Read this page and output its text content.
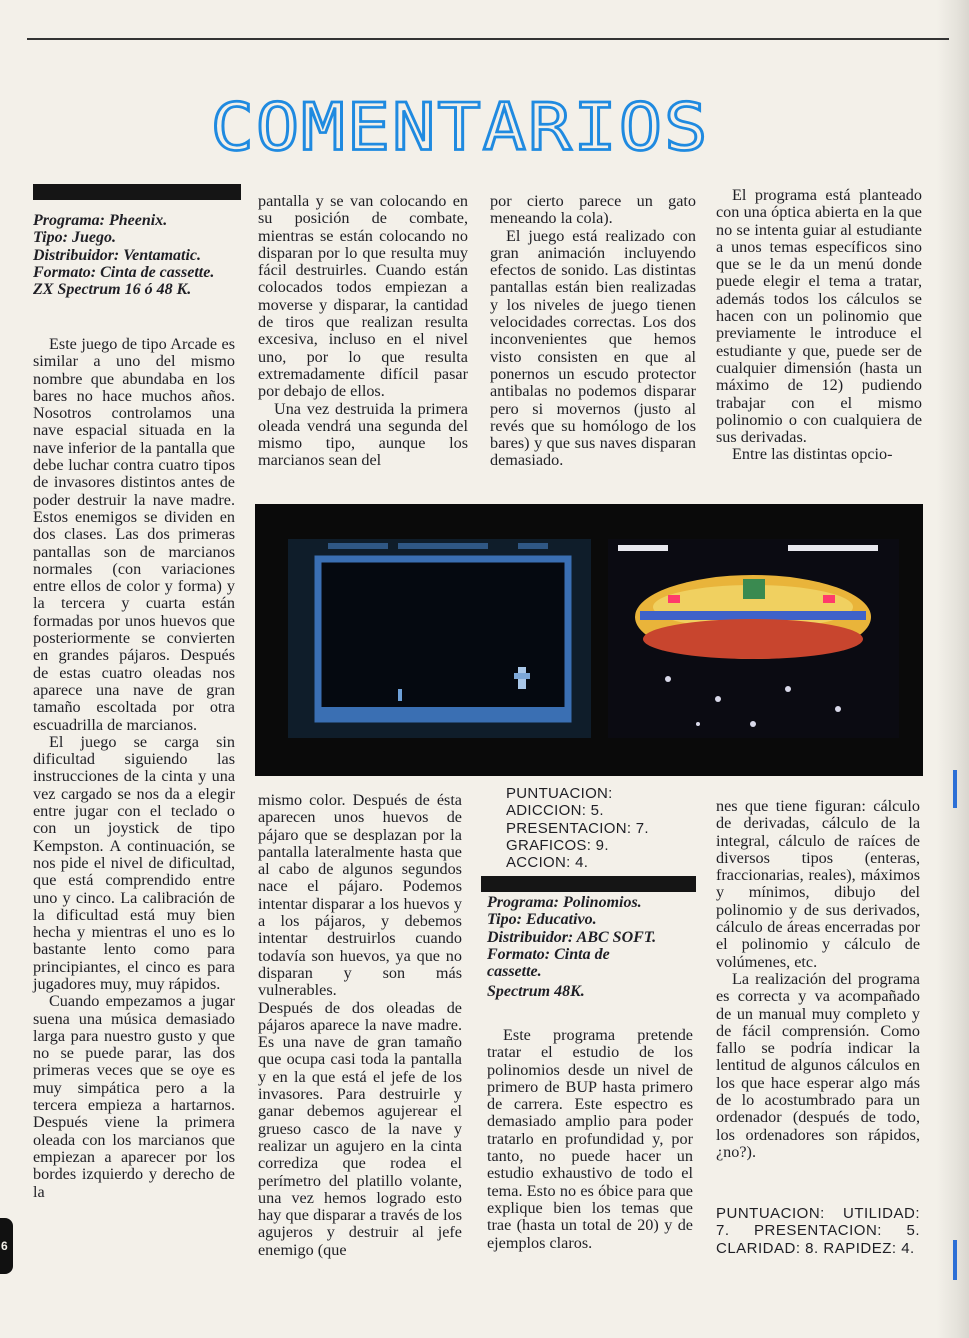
6
COMENTARIOS
Programa: Pheenix.
Tipo: Juego.
Distribuidor: Ventamatic.
Formato: Cinta de cassette.
ZX Spectrum 16 ó 48 K.

Este juego de tipo Arcade es similar a uno del mismo nombre que abundaba en los bares no hace muchos años. Nosotros controlamos una nave espacial situada en la nave inferior de la pantalla que debe luchar contra cuatro tipos de invasores distintos antes de poder destruir la nave madre. Estos enemigos se dividen en dos clases. Las dos primeras pantallas son de marcianos normales (con variaciones entre ellos de color y forma) y la tercera y cuarta están formadas por unos huevos que posteriormente se convierten en grandes pájaros. Después de estas cuatro oleadas nos aparece una nave de gran tamaño escoltada por otra escuadrilla de marcianos.

El juego se carga sin dificultad siguiendo las instrucciones de la cinta y una vez cargado se nos da a elegir entre jugar con el teclado o con un joystick de tipo Kempston. A continuación, se nos pide el nivel de dificultad, que está comprendido entre uno y cinco. La calibración de la dificultad está muy bien hecha y mientras el uno es lo bastante lento como para principiantes, el cinco es para jugadores muy, muy rápidos.

Cuando empezamos a jugar suena una música demasiado larga para nuestro gusto y que no se puede parar, las dos primeras veces que se oye es muy simpática pero a la tercera empieza a hartarnos. Después viene la primera oleada con los marcianos que empiezan a aparecer por los bordes izquierdo y derecho de la

pantalla y se van colocando en su posición de combate, mientras se están colocando no disparan por lo que resulta muy fácil destruirles. Cuando están colocados todos empiezan a moverse y disparar, la cantidad de tiros que realizan resulta excesiva, incluso en el nivel uno, por lo que resulta extremadamente difícil pasar por debajo de ellos.

Una vez destruida la primera oleada vendrá una segunda del mismo tipo, aunque los marcianos sean del

por cierto parece un gato meneando la cola).

El juego está realizado con gran animación incluyendo efectos de sonido. Las distintas pantallas están bien realizadas y los niveles de juego tienen velocidades correctas. Los dos inconvenientes que hemos visto consisten en que al ponernos un escudo protector antibalas no podemos disparar pero si movernos (justo al revés que su homólogo de los bares) y que sus naves disparan demasiado.

El programa está planteado con una óptica abierta en la que no se intenta guiar al estudiante a unos temas específicos sino que se le da un menú donde puede elegir el tema a tratar, además todos los cálculos se hacen con un polinomio que previamente le introduce el estudiante y que, puede ser de cualquier dimensión (hasta un máximo de 12) pudiendo trabajar con el mismo polinomio o con cualquiera de sus derivadas.

Entre las distintas opcio-

mismo color. Después de ésta aparecen unos huevos de pájaro que se desplazan por la pantalla lateralmente hasta que al cabo de algunos segundos nace el pájaro. Podemos intentar disparar a los huevos y a los pájaros, y debemos intentar destruirlos cuando todavía son huevos, ya que no disparan y son más vulnerables.

Después de dos oleadas de pájaros aparece la nave madre. Es una nave de gran tamaño que ocupa casi toda la pantalla y en la que está el jefe de los invasores. Para destruirle y ganar debemos agujerear el grueso casco de la nave y realizar un agujero en la cinta corrediza que rodea el perímetro del platillo volante, una vez hemos logrado esto hay que disparar a través de los agujeros y destruir al jefe enemigo (que

PUNTUACION:
ADICCION: 5.
PRESENTACION: 7.
GRAFICOS: 9.
ACCION: 4.
Programa: Polinomios.
Tipo: Educativo.
Distribuidor: ABC SOFT.
Formato: Cinta de
cassette.
Spectrum 48K.

Este programa pretende tratar el estudio de los polinomios desde un nivel de primero de BUP hasta primero de carrera. Este espectro es demasiado amplio para poder tratarlo en profundidad y, por tanto, no puede hacer un estudio exhaustivo de todo el tema. Esto no es óbice para que explique bien los temas que trae (hasta un total de 20) y de ejemplos claros.

nes que tiene figuran: cálculo de derivadas, cálculo de la integral, cálculo de raíces de diversos tipos (enteras, fraccionarias, reales), máximos y mínimos, dibujo del polinomio y de sus derivados, cálculo de áreas encerradas por el polinomio y cálculo de volúmenes, etc.

La realización del programa es correcta y va acompañado de un manual muy completo y de fácil comprensión. Como fallo se podría indicar la lentitud de algunos cálculos en los que hace esperar algo más de lo acostumbrado para un ordenador (después de todo, los ordenadores son rápidos, ¿no?).

PUNTUACION: UTILIDAD: 7. PRESENTACION: 5. CLARIDAD: 8. RAPIDEZ: 4.
